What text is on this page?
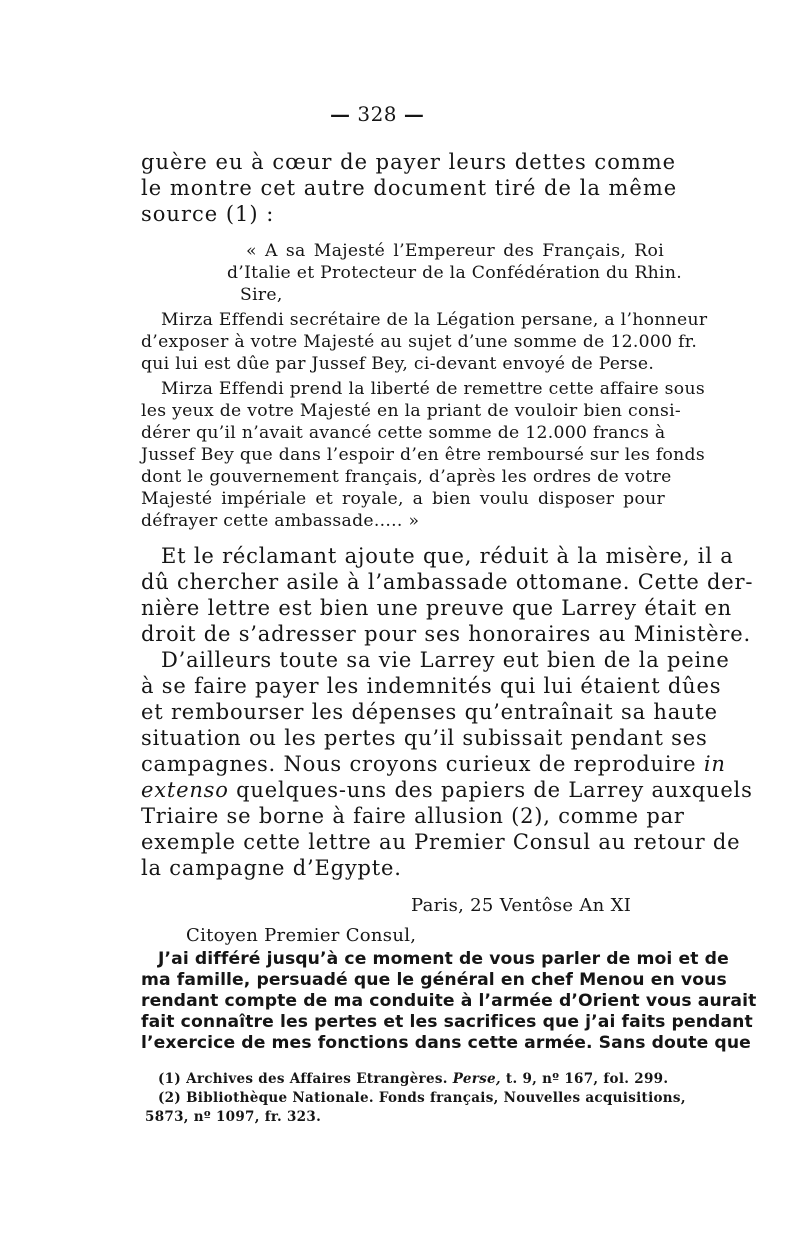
— 328 —
guère eu à cœur de payer leurs dettes comme
le montre cet autre document tiré de la même
source (1) :
« A sa Majesté l’Empereur des Français, Roi
d’Italie et Protecteur de la Confédération du Rhin.
Sire,
Mirza Effendi secrétaire de la Légation persane, a l’honneur
d’exposer à votre Majesté au sujet d’une somme de 12.000 fr.
qui lui est dûe par Jussef Bey, ci-devant envoyé de Perse.
Mirza Effendi prend la liberté de remettre cette affaire sous
les yeux de votre Majesté en la priant de vouloir bien consi-
dérer qu’il n’avait avancé cette somme de 12.000 francs à
Jussef Bey que dans l’espoir d’en être remboursé sur les fonds
dont le gouvernement français, d’après les ordres de votre
Majesté impériale et royale, a bien voulu disposer pour
défrayer cette ambassade..... »
Et le réclamant ajoute que, réduit à la misère, il a
dû chercher asile à l’ambassade ottomane. Cette der-
nière lettre est bien une preuve que Larrey était en
droit de s’adresser pour ses honoraires au Ministère.
D’ailleurs toute sa vie Larrey eut bien de la peine
à se faire payer les indemnités qui lui étaient dûes
et rembourser les dépenses qu’entraînait sa haute
situation ou les pertes qu’il subissait pendant ses
campagnes. Nous croyons curieux de reproduire in
extenso quelques-uns des papiers de Larrey auxquels
Triaire se borne à faire allusion (2), comme par
exemple cette lettre au Premier Consul au retour de
la campagne d’Egypte.
Paris, 25 Ventôse An XI
Citoyen Premier Consul,
J’ai différé jusqu’à ce moment de vous parler de moi et de
ma famille, persuadé que le général en chef Menou en vous
rendant compte de ma conduite à l’armée d’Orient vous aurait
fait connaître les pertes et les sacrifices que j’ai faits pendant
l’exercice de mes fonctions dans cette armée. Sans doute que
(1) Archives des Affaires Etrangères. Perse, t. 9, nº 167, fol. 299.
(2) Bibliothèque Nationale. Fonds français, Nouvelles acquisitions,
5873, nº 1097, fr. 323.
